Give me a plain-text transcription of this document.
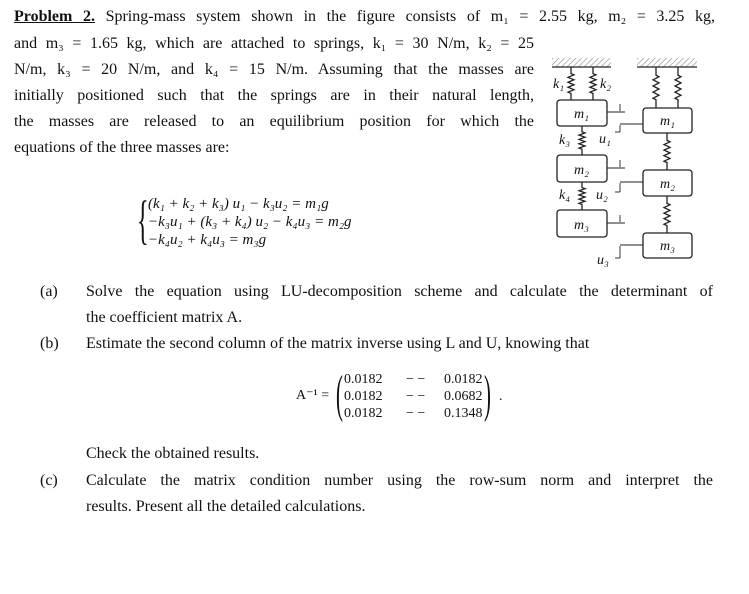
Problem 2. Spring-mass system shown in the figure consists of m₁ = 2.55 kg, m₂ = 3.25 kg,
and m₃ = 1.65 kg, which are attached to springs, k₁ = 30 N/m, k₂ = 25
N/m, k₃ = 20 N/m, and k₄ = 15 N/m. Assuming that the masses are
initially positioned such that the springs are in their natural length,
the masses are released to an equilibrium position for which the
equations of the three masses are:
{ (k₁ + k₂ + k₃) u₁ − k₃u₂ = m₁g
−k₃u₁ + (k₃ + k₄) u₂ − k₄u₃ = m₂g
−k₄u₂ + k₄u₃ = m₃g
k₁	k₂
m₁
k₃ u₁
m₂
k₄ u₂
m₃
u₃
m₁
m₂
m₃
(a) Solve the equation using LU-decomposition scheme and calculate the determinant of
the coefficient matrix A.
(b) Estimate the second column of the matrix inverse using L and U, knowing that
A⁻¹ = (	) .
0.0182
0.0182
0.0182
− −
− −
− −
0.0182
0.0682
0.1348
Check the obtained results.
(c) Calculate the matrix condition number using the row-sum norm and interpret the
results. Present all the detailed calculations.
